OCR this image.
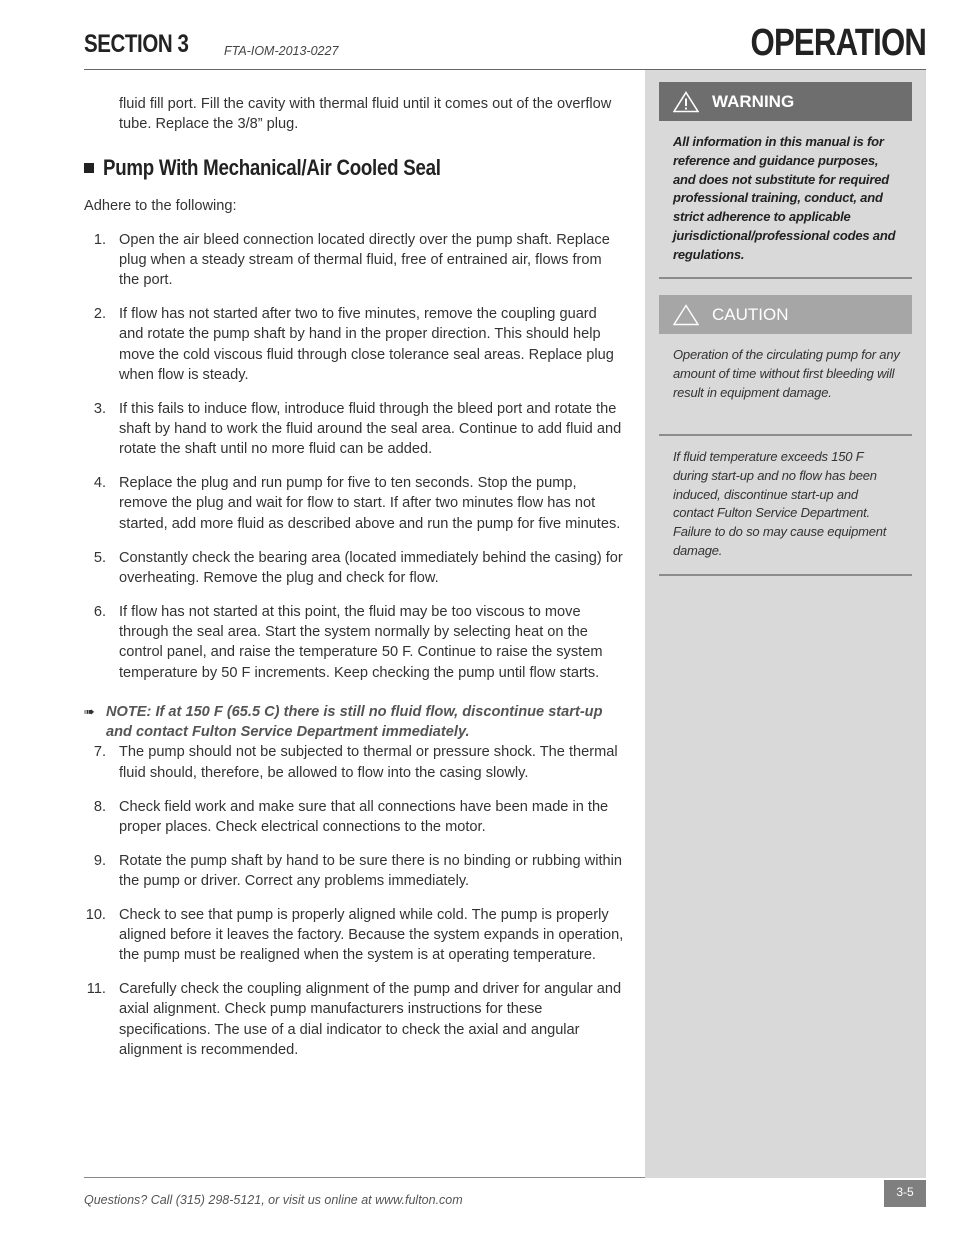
SECTION 3	FTA-IOM-2013-0227	OPERATION

fluid fill port. Fill the cavity with thermal fluid until it comes out of the overflow tube. Replace the 3/8” plug.

Pump With Mechanical/Air Cooled Seal

Adhere to the following:

1. Open the air bleed connection located directly over the pump shaft. Replace plug when a steady stream of thermal fluid, free of entrained air, flows from the port.
2. If flow has not started after two to five minutes, remove the coupling guard and rotate the pump shaft by hand in the proper direction. This should help move the cold viscous fluid through close tolerance seal areas. Replace plug when flow is steady.
3. If this fails to induce flow, introduce fluid through the bleed port and rotate the shaft by hand to work the fluid around the seal area. Continue to add fluid and rotate the shaft until no more fluid can be added.
4. Replace the plug and run pump for five to ten seconds. Stop the pump, remove the plug and wait for flow to start. If after two minutes flow has not started, add more fluid as described above and run the pump for five minutes.
5. Constantly check the bearing area (located immediately behind the casing) for overheating. Remove the plug and check for flow.
6. If flow has not started at this point, the fluid may be too viscous to move through the seal area. Start the system normally by selecting heat on the control panel, and raise the temperature 50 F. Continue to raise the system temperature by 50 F increments. Keep checking the pump until flow starts.

➠ NOTE: If at 150 F (65.5 C) there is still no fluid flow, discontinue start-up and contact Fulton Service Department immediately.

7. The pump should not be subjected to thermal or pressure shock. The thermal fluid should, therefore, be allowed to flow into the casing slowly.
8. Check field work and make sure that all connections have been made in the proper places. Check electrical connections to the motor.
9. Rotate the pump shaft by hand to be sure there is no binding or rubbing within the pump or driver. Correct any problems immediately.
10. Check to see that pump is properly aligned while cold. The pump is properly aligned before it leaves the factory. Because the system expands in operation, the pump must be realigned when the system is at operating temperature.
11. Carefully check the coupling alignment of the pump and driver for angular and axial alignment. Check pump manufacturers instructions for these specifications. The use of a dial indicator to check the axial and angular alignment is recommended.
WARNING
All information in this manual is for reference and guidance purposes, and does not substitute for required professional training, conduct, and strict adherence to applicable jurisdictional/professional codes and regulations.
CAUTION
Operation of the circulating pump for any amount of time without first bleeding will result in equipment damage.
If fluid temperature exceeds 150 F during start-up and no flow has been induced, discontinue start-up and contact Fulton Service Department. Failure to do so may cause equipment damage.
Questions? Call (315) 298-5121, or visit us online at www.fulton.com
3-5
